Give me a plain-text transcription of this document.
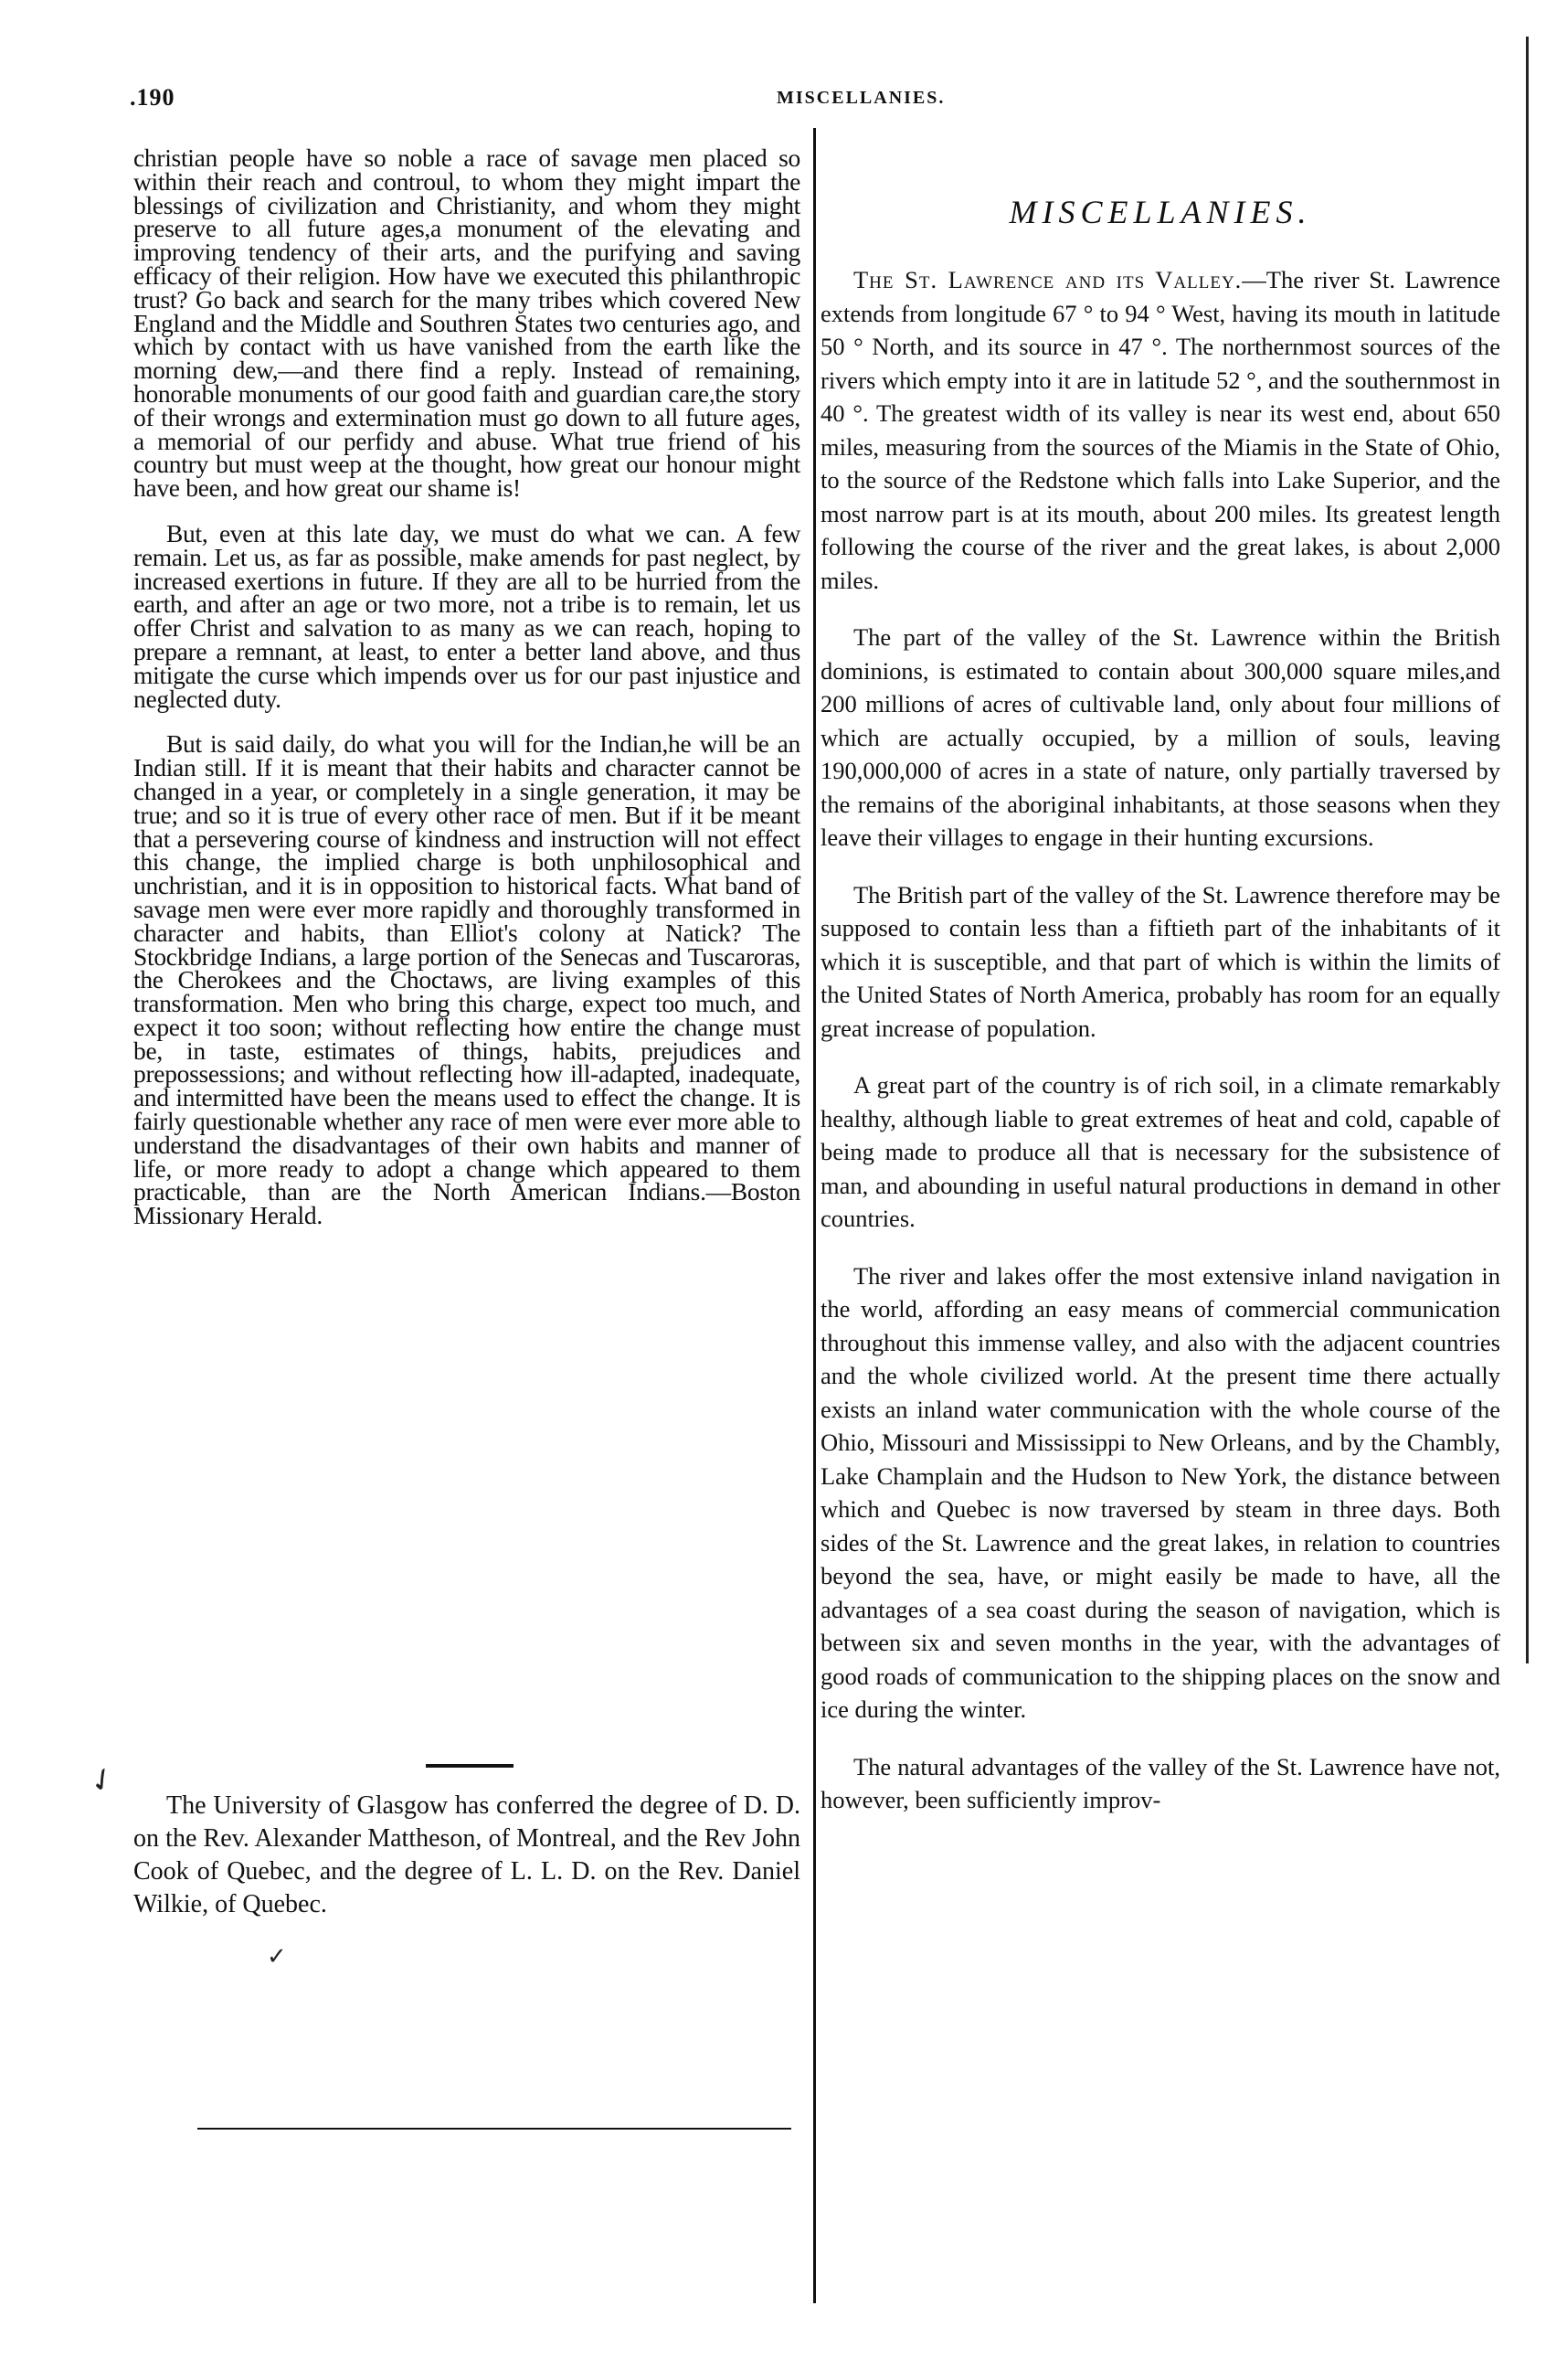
.190	MISCELLANIES.

christian people have so noble a race of savage men placed so within their reach and controul, to whom they might impart the blessings of civilization and Christianity, and whom they might preserve to all future ages,a monument of the elevating and improving tendency of their arts, and the purifying and saving efficacy of their religion. How have we executed this philanthropic trust? Go back and search for the many tribes which covered New England and the Middle and Southren States two centuries ago, and which by contact with us have vanished from the earth like the morning dew,—and there find a reply. Instead of remaining, honorable monuments of our good faith and guardian care,the story of their wrongs and extermination must go down to all future ages, a memorial of our perfidy and abuse. What true friend of his country but must weep at the thought, how great our honour might have been, and how great our shame is!

But, even at this late day, we must do what we can. A few remain. Let us, as far as possible, make amends for past neglect, by increased exertions in future. If they are all to be hurried from the earth, and after an age or two more, not a tribe is to remain, let us offer Christ and salvation to as many as we can reach, hoping to prepare a remnant, at least, to enter a better land above, and thus mitigate the curse which impends over us for our past injustice and neglected duty.

But is said daily, do what you will for the Indian,he will be an Indian still. If it is meant that their habits and character cannot be changed in a year, or completely in a single generation, it may be true; and so it is true of every other race of men. But if it be meant that a persevering course of kindness and instruction will not effect this change, the implied charge is both unphilosophical and unchristian, and it is in opposition to historical facts. What band of savage men were ever more rapidly and thoroughly transformed in character and habits, than Elliot's colony at Natick? The Stockbridge Indians, a large portion of the Senecas and Tuscaroras, the Cherokees and the Choctaws, are living examples of this transformation. Men who bring this charge, expect too much, and expect it too soon; without reflecting how entire the change must be, in taste, estimates of things, habits, prejudices and prepossessions; and without reflecting how ill-adapted, inadequate, and intermitted have been the means used to effect the change. It is fairly questionable whether any race of men were ever more able to understand the disadvantages of their own habits and manner of life, or more ready to adopt a change which appeared to them practicable, than are the North American Indians.—Boston Missionary Herald.

✓

The University of Glasgow has conferred the degree of D. D. on the Rev. Alexander Mattheson, of Montreal, and the Rev John Cook of Quebec, and the degree of L. L. D. on the Rev. Daniel Wilkie, of Quebec.

✓
MISCELLANIES.

The St. Lawrence and its Valley.—The river St. Lawrence extends from longitude 67 ° to 94 ° West, having its mouth in latitude 50 ° North, and its source in 47 °. The northernmost sources of the rivers which empty into it are in latitude 52 °, and the southernmost in 40 °. The greatest width of its valley is near its west end, about 650 miles, measuring from the sources of the Miamis in the State of Ohio, to the source of the Redstone which falls into Lake Superior, and the most narrow part is at its mouth, about 200 miles. Its greatest length following the course of the river and the great lakes, is about 2,000 miles.

The part of the valley of the St. Lawrence within the British dominions, is estimated to contain about 300,000 square miles,and 200 millions of acres of cultivable land, only about four millions of which are actually occupied, by a million of souls, leaving 190,000,000 of acres in a state of nature, only partially traversed by the remains of the aboriginal inhabitants, at those seasons when they leave their villages to engage in their hunting excursions.

The British part of the valley of the St. Lawrence therefore may be supposed to contain less than a fiftieth part of the inhabitants of it which it is susceptible, and that part of which is within the limits of the United States of North America, probably has room for an equally great increase of population.

A great part of the country is of rich soil, in a climate remarkably healthy, although liable to great extremes of heat and cold, capable of being made to produce all that is necessary for the subsistence of man, and abounding in useful natural productions in demand in other countries.

The river and lakes offer the most extensive inland navigation in the world, affording an easy means of commercial communication throughout this immense valley, and also with the adjacent countries and the whole civilized world. At the present time there actually exists an inland water communication with the whole course of the Ohio, Missouri and Mississippi to New Orleans, and by the Chambly, Lake Champlain and the Hudson to New York, the distance between which and Quebec is now traversed by steam in three days. Both sides of the St. Lawrence and the great lakes, in relation to countries beyond the sea, have, or might easily be made to have, all the advantages of a sea coast during the season of navigation, which is between six and seven months in the year, with the advantages of good roads of communication to the shipping places on the snow and ice during the winter.

The natural advantages of the valley of the St. Lawrence have not, however, been sufficiently improv-
